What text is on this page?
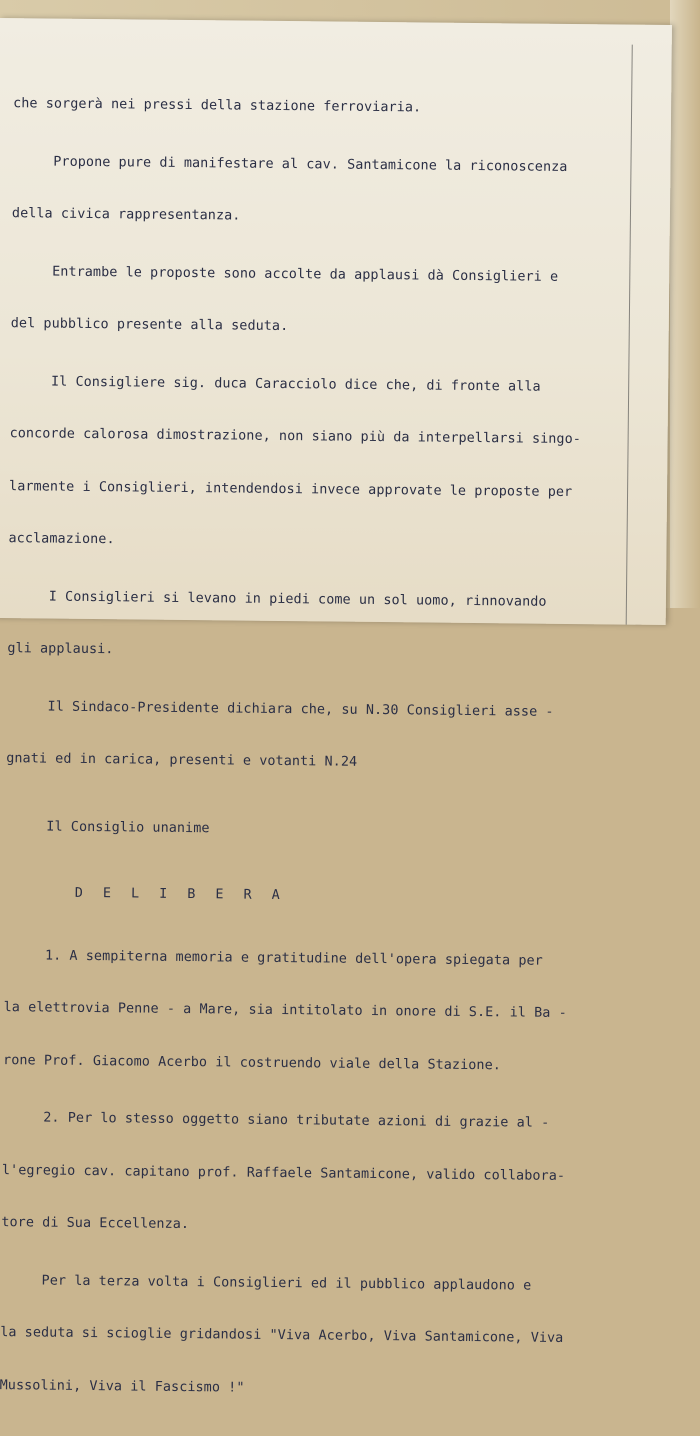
che sorgerà nei pressi della stazione ferroviaria.

Propone pure di manifestare al cav. Santamicone la riconoscenza

della civica rappresentanza.

Entrambe le proposte sono accolte da applausi dà Consiglieri e

del pubblico presente alla seduta.

Il Consigliere sig. duca Caracciolo dice che, di fronte alla

concorde calorosa dimostrazione, non siano più da interpellarsi singo-

larmente i Consiglieri, intendendosi invece approvate le proposte per

acclamazione.

I Consiglieri si levano in piedi come un sol uomo, rinnovando

gli applausi.

Il Sindaco-Presidente dichiara che, su N.30 Consiglieri asse -

gnati ed in carica, presenti e votanti N.24

Il Consiglio unanime

D E L I B E R A

1. A sempiterna memoria e gratitudine dell'opera spiegata per

la elettrovia Penne - a Mare, sia intitolato in onore di S.E. il Ba -

rone Prof. Giacomo Acerbo il costruendo viale della Stazione.

2. Per lo stesso oggetto siano tributate azioni di grazie al -

l'egregio cav. capitano prof. Raffaele Santamicone, valido collabora-

tore di Sua Eccellenza.

Per la terza volta i Consiglieri ed il pubblico applaudono e

la seduta si scioglie gridandosi "Viva Acerbo, Viva Santamicone, Viva

Mussolini, Viva il Fascismo !"
